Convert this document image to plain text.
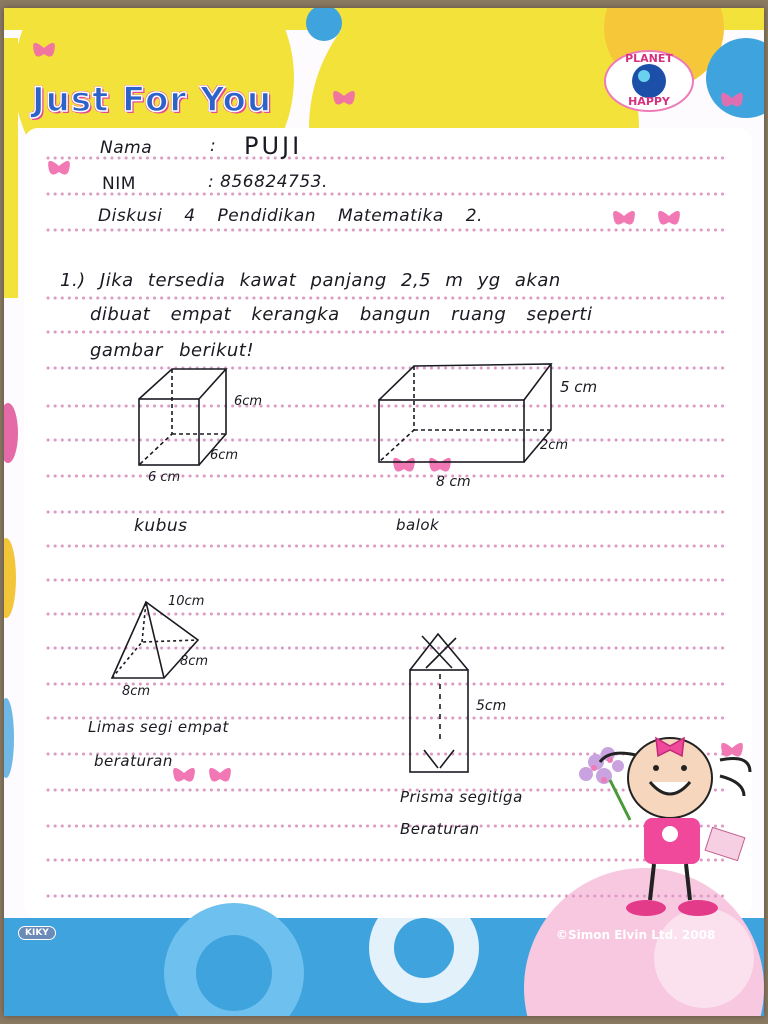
Just For You
PLANET
HAPPY
Nama	: PUJI
NIM	: 856824753.
Diskusi 4 Pendidikan Matematika 2.
1.) Jika tersedia kawat panjang 2,5 m yg akan
dibuat empat kerangka bangun ruang seperti
gambar berikut!
6cm
6cm
6 cm
kubus
5 cm
2cm
8 cm
balok
10cm
8cm
8cm
Limas segi empat
beraturan
5cm
Prisma segitiga
Beraturan
KIKY	©Simon Elvin Ltd. 2008
